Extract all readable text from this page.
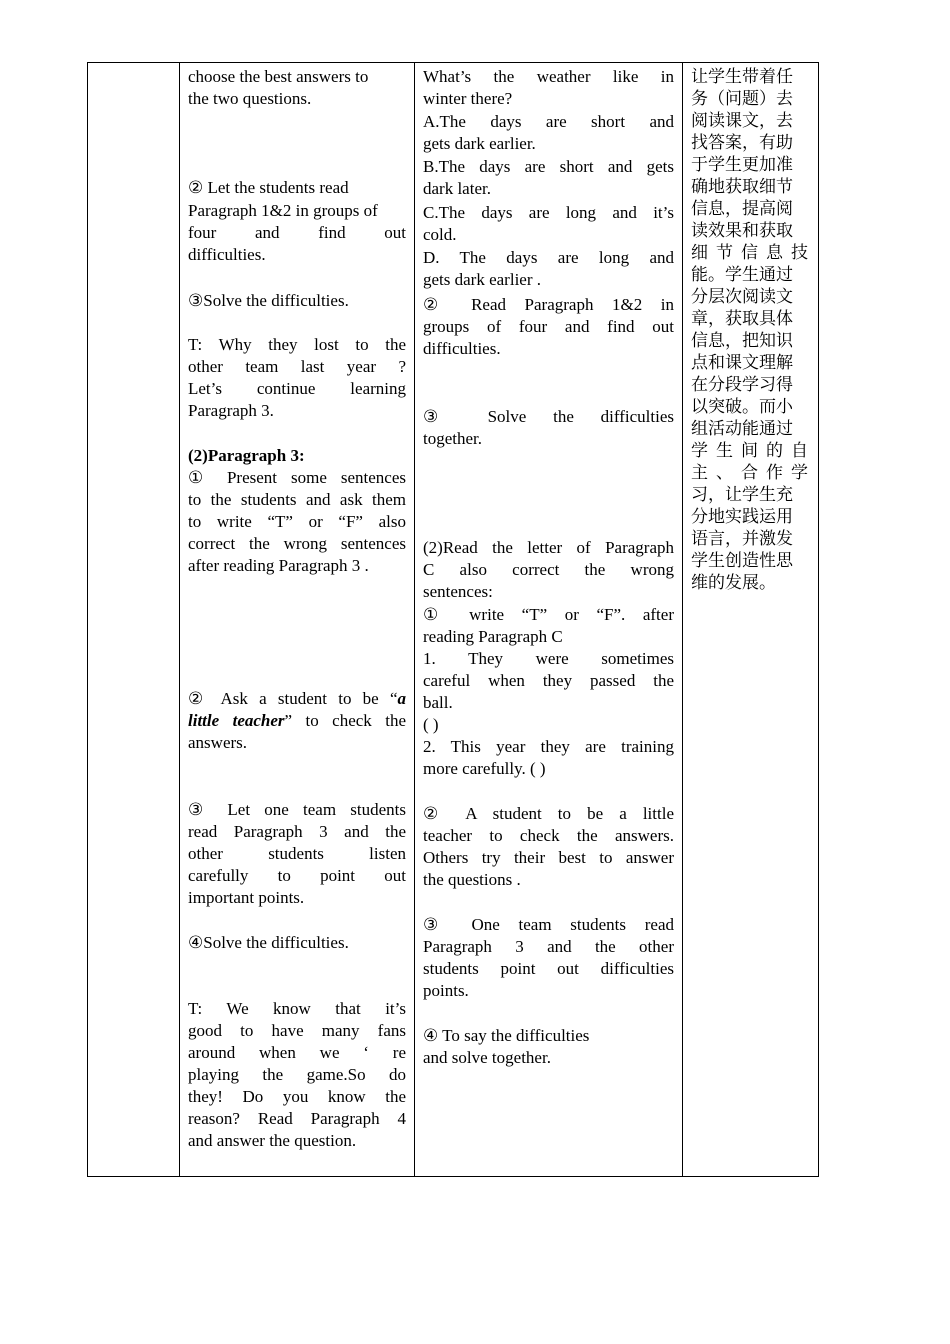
choose the best answers to
the two questions.
② Let the students read
Paragraph 1&2 in groups of
four and find out
difficulties.
③Solve the difficulties.
T: Why they lost to the
other team last year ?
Let’s continue learning
Paragraph 3.
(2)Paragraph 3:
① Present some sentences
to the students and ask them
to write “T” or “F” also
correct the wrong sentences
after reading Paragraph 3 .
② Ask a student to be “a
little teacher” to check the
answers.
③ Let one team students
read Paragraph 3 and the
other students listen
carefully to point out
important points.
④Solve the difficulties.
T: We know that it’s
good to have many fans
around when we ‘ re
playing the game.So do
they! Do you know the
reason? Read Paragraph 4
and answer the question.
What’s the weather like in
winter there?
A.The days are short and
gets dark earlier.
B.The days are short and gets
dark later.
C.The days are long and it’s
cold.
D. The days are long and
gets dark earlier .
② Read Paragraph 1&2 in
groups of four and find out
difficulties.
③ Solve the difficulties
together.
(2)Read the letter of Paragraph
C also correct the wrong
sentences:
① write “T” or “F”. after
reading Paragraph C
1. They were sometimes
careful when they passed the
ball.
( )
2. This year they are training
more carefully. ( )
② A student to be a little
teacher to check the answers.
Others try their best to answer
the questions .
③ One team students read
Paragraph 3 and the other
students point out difficulties
points.
④ To say the difficulties
and solve together.
让学生带着任
务（问题）去
阅读课文，去
找答案，有助
于学生更加准
确地获取细节
信息，提高阅
读效果和获取
细节信息技
能。学生通过
分层次阅读文
章，获取具体
信息，把知识
点和课文理解
在分段学习得
以突破。而小
组活动能通过
学生间的自
主、合作学
习，让学生充
分地实践运用
语言，并激发
学生创造性思
维的发展。
